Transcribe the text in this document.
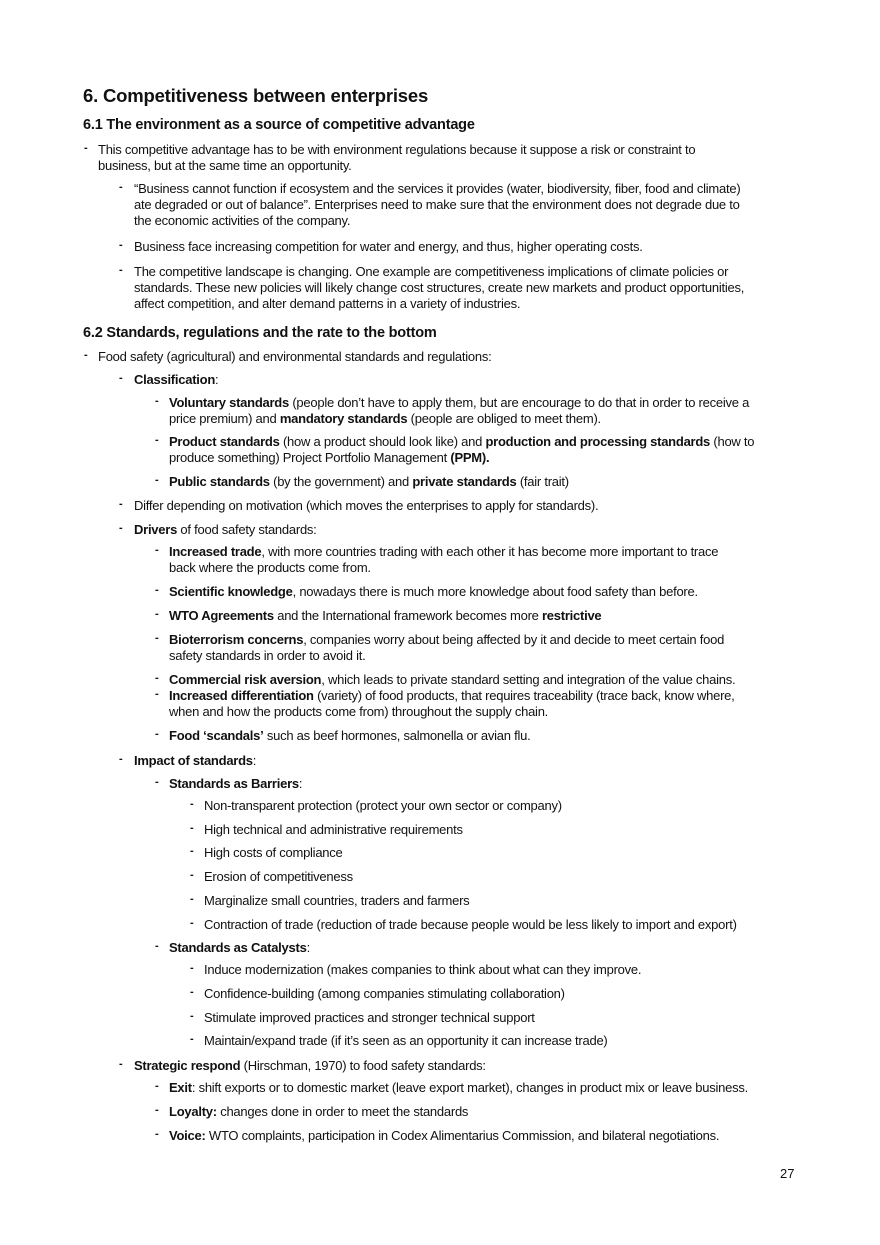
6. Competitiveness between enterprises
6.1 The environment as a source of competitive advantage
-
This competitive advantage has to be with environment regulations because it suppose a risk or constraint to
business, but at the same time an opportunity.
-
“Business cannot function if ecosystem and the services it provides (water, biodiversity, fiber, food and climate)
ate degraded or out of balance”. Enterprises need to make sure that the environment does not degrade due to
the economic activities of the company.
-
Business face increasing competition for water and energy, and thus, higher operating costs.
-
The competitive landscape is changing. One example are competitiveness implications of climate policies or
standards. These new policies will likely change cost structures, create new markets and product opportunities,
affect competition, and alter demand patterns in a variety of industries.
6.2 Standards, regulations and the rate to the bottom
-
Food safety (agricultural) and environmental standards and regulations:
-
Classification:
-
Voluntary standards (people don’t have to apply them, but are encourage to do that in order to receive a
price premium) and mandatory standards (people are obliged to meet them).
-
Product standards (how a product should look like) and production and processing standards (how to
produce something) Project Portfolio Management (PPM).
-
Public standards (by the government) and private standards (fair trait)
-
Differ depending on motivation (which moves the enterprises to apply for standards).
-
Drivers of food safety standards:
-
Increased trade, with more countries trading with each other it has become more important to trace
back where the products come from.
-
Scientific knowledge, nowadays there is much more knowledge about food safety than before.
-
WTO Agreements and the International framework becomes more restrictive
-
Bioterrorism concerns, companies worry about being affected by it and decide to meet certain food
safety standards in order to avoid it.
-
Commercial risk aversion, which leads to private standard setting and integration of the value chains.
-
Increased differentiation (variety) of food products, that requires traceability (trace back, know where,
when and how the products come from) throughout the supply chain.
-
Food ‘scandals’ such as beef hormones, salmonella or avian flu.
-
Impact of standards:
-
Standards as Barriers:
-
Non-transparent protection (protect your own sector or company)
-
High technical and administrative requirements
-
High costs of compliance
-
Erosion of competitiveness
-
Marginalize small countries, traders and farmers
-
Contraction of trade (reduction of trade because people would be less likely to import and export)
-
Standards as Catalysts:
-
Induce modernization (makes companies to think about what can they improve.
-
Confidence-building (among companies stimulating collaboration)
-
Stimulate improved practices and stronger technical support
-
Maintain/expand trade (if it’s seen as an opportunity it can increase trade)
-
Strategic respond (Hirschman, 1970) to food safety standards:
-
Exit: shift exports or to domestic market (leave export market), changes in product mix or leave business.
-
Loyalty: changes done in order to meet the standards
-
Voice: WTO complaints, participation in Codex Alimentarius Commission, and bilateral negotiations.
27
